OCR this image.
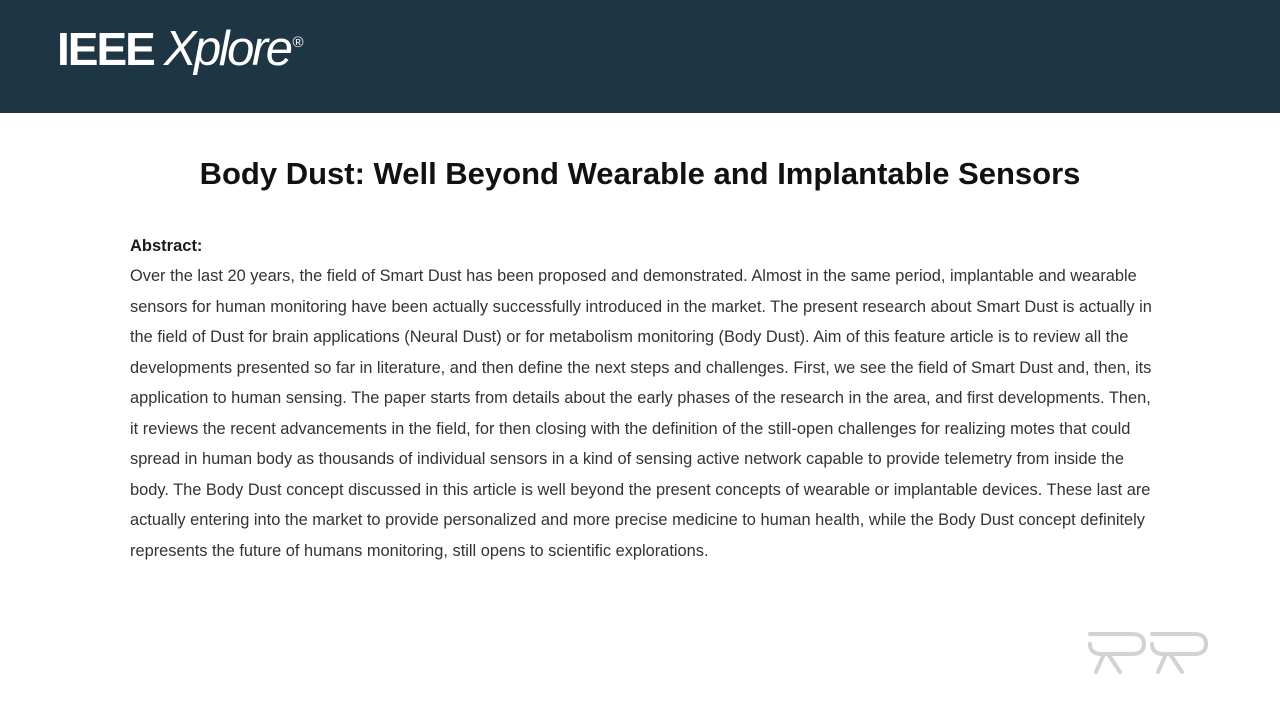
IEEE Xplore ®
Body Dust: Well Beyond Wearable and Implantable Sensors
Abstract:

Over the last 20 years, the field of Smart Dust has been proposed and demonstrated. Almost in the same period, implantable and wearable sensors for human monitoring have been actually successfully introduced in the market. The present research about Smart Dust is actually in the field of Dust for brain applications (Neural Dust) or for metabolism monitoring (Body Dust). Aim of this feature article is to review all the developments presented so far in literature, and then define the next steps and challenges. First, we see the field of Smart Dust and, then, its application to human sensing. The paper starts from details about the early phases of the research in the area, and first developments. Then, it reviews the recent advancements in the field, for then closing with the definition of the still-open challenges for realizing motes that could spread in human body as thousands of individual sensors in a kind of sensing active network capable to provide telemetry from inside the body. The Body Dust concept discussed in this article is well beyond the present concepts of wearable or implantable devices. These last are actually entering into the market to provide personalized and more precise medicine to human health, while the Body Dust concept definitely represents the future of humans monitoring, still opens to scientific explorations.
